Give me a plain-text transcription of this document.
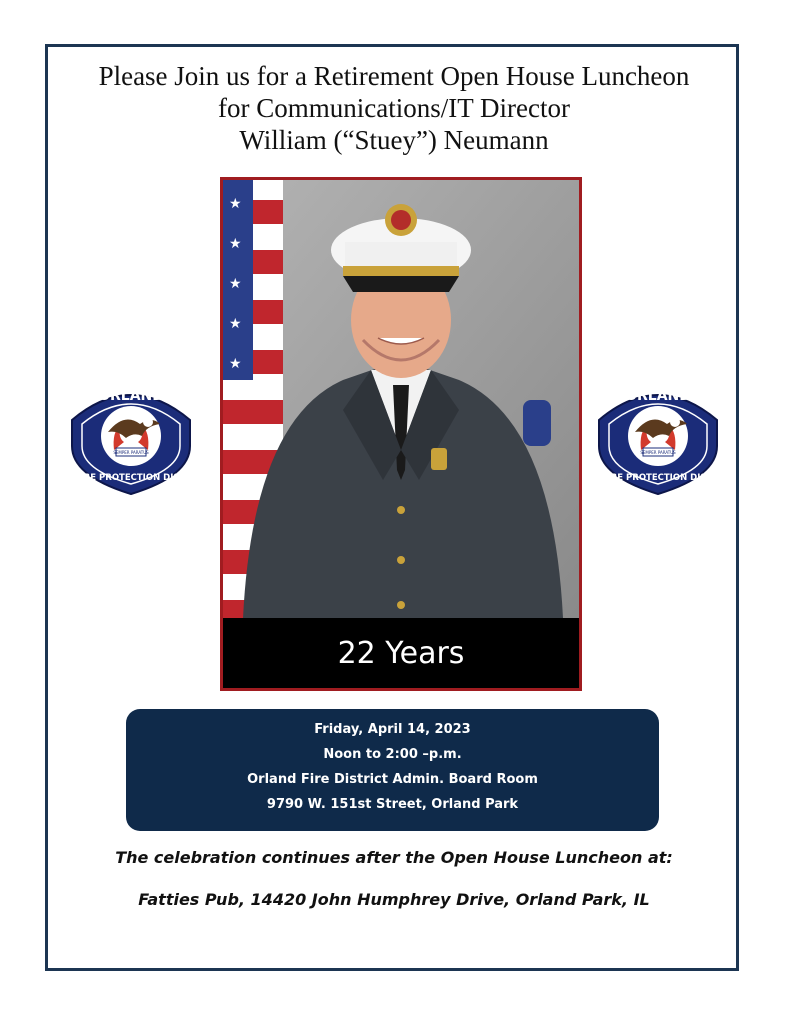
Please Join us for a Retirement Open House Luncheon
for Communications/IT Director
William (“Stuey”) Neumann
ORLAND
SEMPER PARATUS
FIRE PROTECTION DIST.
ORLAND
SEMPER PARATUS
FIRE PROTECTION DIST.
★
★
★
★
★
22 Years
Friday, April 14, 2023
Noon to 2:00 –p.m.
Orland Fire District Admin. Board Room
9790 W. 151st Street, Orland Park
The celebration continues after the Open House Luncheon at:
Fatties Pub, 14420 John Humphrey Drive, Orland Park, IL
